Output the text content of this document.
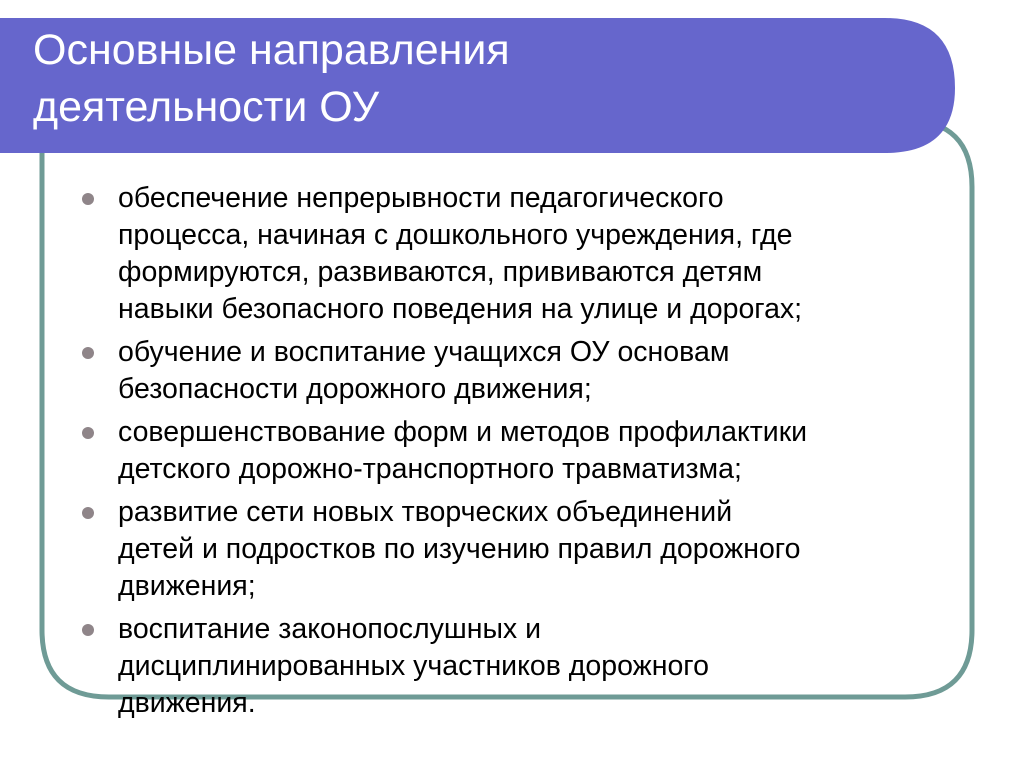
Основные направления
деятельности ОУ
обеспечение непрерывности педагогического
процесса, начиная с дошкольного учреждения, где
формируются, развиваются, прививаются детям
навыки безопасного поведения на улице и дорогах;
обучение и воспитание учащихся ОУ основам
безопасности дорожного движения;
совершенствование форм и методов профилактики
детского дорожно-транспортного травматизма;
развитие сети новых творческих объединений
детей и подростков по изучению правил дорожного
движения;
воспитание законопослушных и
дисциплинированных участников дорожного
движения.
